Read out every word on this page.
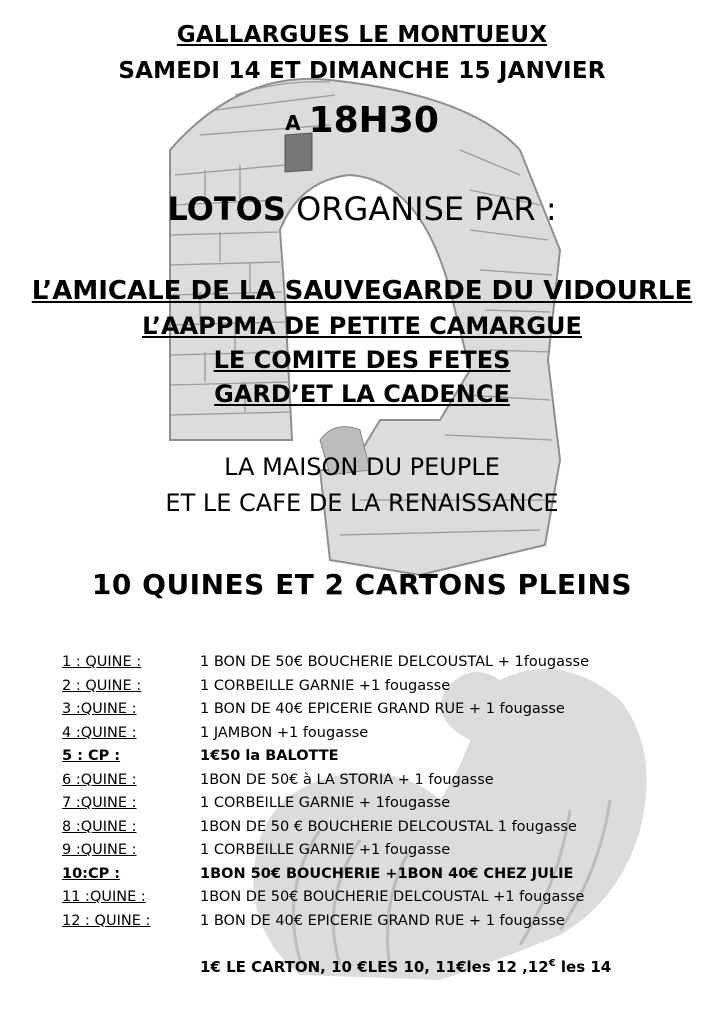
GALLARGUES LE MONTUEUX
SAMEDI 14 ET DIMANCHE 15 JANVIER
A 18H30
LOTOS ORGANISE PAR :
L’AMICALE DE LA SAUVEGARDE DU VIDOURLE
L’AAPPMA DE PETITE CAMARGUE
LE COMITE DES FETES
GARD’ET LA CADENCE
LA MAISON DU PEUPLE
ET LE CAFE DE LA RENAISSANCE
10 QUINES ET 2 CARTONS PLEINS
1 : QUINE :	1 BON DE 50€ BOUCHERIE DELCOUSTAL + 1fougasse
2 : QUINE :	1 CORBEILLE GARNIE +1 fougasse
3 :QUINE :	1 BON DE 40€ EPICERIE GRAND RUE + 1 fougasse
4 :QUINE :	1 JAMBON +1 fougasse
5 : CP :	1€50 la BALOTTE
6 :QUINE :	1BON DE 50€ à LA STORIA + 1 fougasse
7 :QUINE :	1 CORBEILLE GARNIE + 1fougasse
8 :QUINE :	1BON DE 50 € BOUCHERIE DELCOUSTAL 1 fougasse
9 :QUINE :	1 CORBEILLE GARNIE +1 fougasse
10:CP :	1BON 50€ BOUCHERIE +1BON 40€ CHEZ JULIE
11 :QUINE :	1BON DE 50€ BOUCHERIE DELCOUSTAL +1 fougasse
12 : QUINE :	1 BON DE 40€ EPICERIE GRAND RUE + 1 fougasse
1€ LE CARTON, 10 €LES 10, 11€les 12 ,12€ les 14
